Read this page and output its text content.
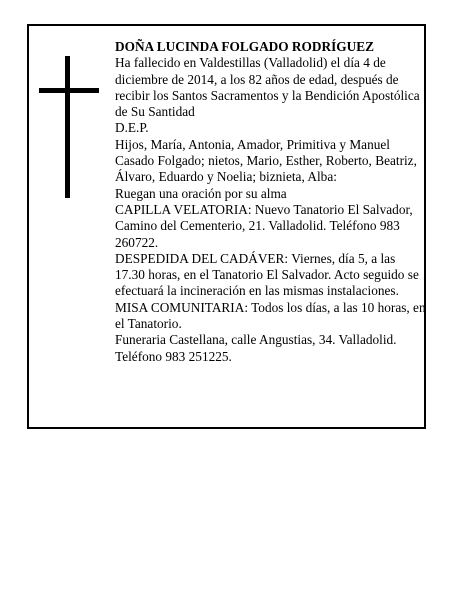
DOÑA LUCINDA FOLGADO RODRÍGUEZ

Ha fallecido en Valdestillas (Valladolid) el día 4 de diciembre de 2014, a los 82 años de edad, después de recibir los Santos Sacramentos y la Bendición Apostólica de Su Santidad

D.E.P.

Hijos, María, Antonia, Amador, Primitiva y Manuel Casado Folgado; nietos, Mario, Esther, Roberto, Beatriz, Álvaro, Eduardo y Noelia; biznieta, Alba:

Ruegan una oración por su alma

CAPILLA VELATORIA: Nuevo Tanatorio El Salvador, Camino del Cementerio, 21. Valladolid. Teléfono 983 260722.

DESPEDIDA DEL CADÁVER: Viernes, día 5, a las 17.30 horas, en el Tanatorio El Salvador. Acto seguido se efectuará la incineración en las mismas instalaciones.

MISA COMUNITARIA: Todos los días, a las 10 horas, en el Tanatorio.

Funeraria Castellana, calle Angustias, 34. Valladolid. Teléfono 983 251225.
